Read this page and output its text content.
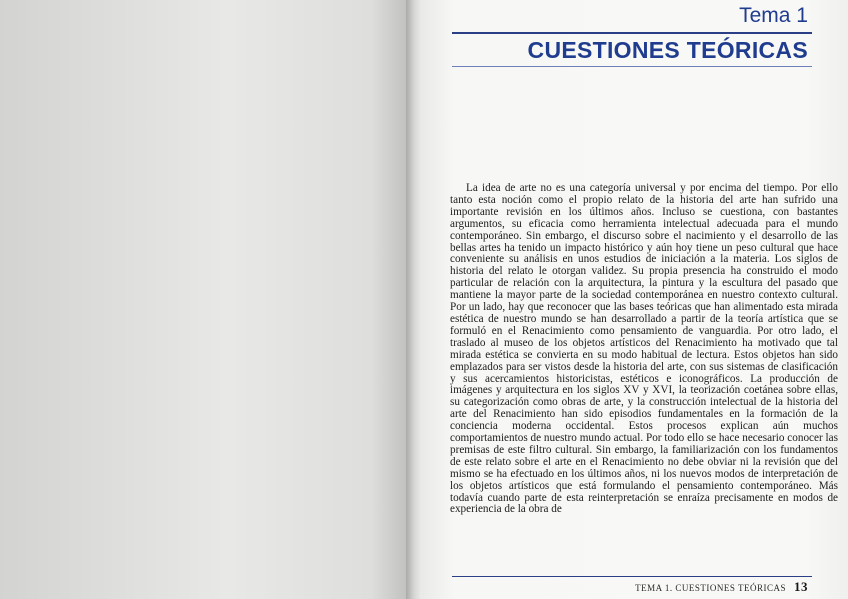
Tema 1

CUESTIONES TEÓRICAS

La idea de arte no es una categoría universal y por encima del tiempo. Por ello tanto esta noción como el propio relato de la historia del arte han sufrido una importante revisión en los últimos años. Incluso se cuestiona, con bastantes argumentos, su eficacia como herramienta intelectual adecuada para el mundo contemporáneo. Sin embargo, el discurso sobre el nacimiento y el desarrollo de las bellas artes ha tenido un impacto histórico y aún hoy tiene un peso cultural que hace conveniente su análisis en unos estudios de iniciación a la materia. Los siglos de historia del relato le otorgan validez. Su propia presencia ha construido el modo particular de relación con la arquitectura, la pintura y la escultura del pasado que mantiene la mayor parte de la sociedad contemporánea en nuestro contexto cultural. Por un lado, hay que reconocer que las bases teóricas que han alimentado esta mirada estética de nuestro mundo se han desarrollado a partir de la teoría artística que se formuló en el Renacimiento como pensamiento de vanguardia. Por otro lado, el traslado al museo de los objetos artísticos del Renacimiento ha motivado que tal mirada estética se convierta en su modo habitual de lectura. Estos objetos han sido emplazados para ser vistos desde la historia del arte, con sus sistemas de clasificación y sus acercamientos historicistas, estéticos e iconográficos. La producción de imágenes y arquitectura en los siglos XV y XVI, la teorización coetánea sobre ellas, su categorización como obras de arte, y la construcción intelectual de la historia del arte del Renacimiento han sido episodios fundamentales en la formación de la conciencia moderna occidental. Estos procesos explican aún muchos comportamientos de nuestro mundo actual. Por todo ello se hace necesario conocer las premisas de este filtro cultural. Sin embargo, la familiarización con los fundamentos de este relato sobre el arte en el Renacimiento no debe obviar ni la revisión que del mismo se ha efectuado en los últimos años, ni los nuevos modos de interpretación de los objetos artísticos que está formulando el pensamiento contemporáneo. Más todavía cuando parte de esta reinterpretación se enraíza precisamente en modos de experiencia de la obra de

TEMA 1. CUESTIONES TEÓRICAS 13
